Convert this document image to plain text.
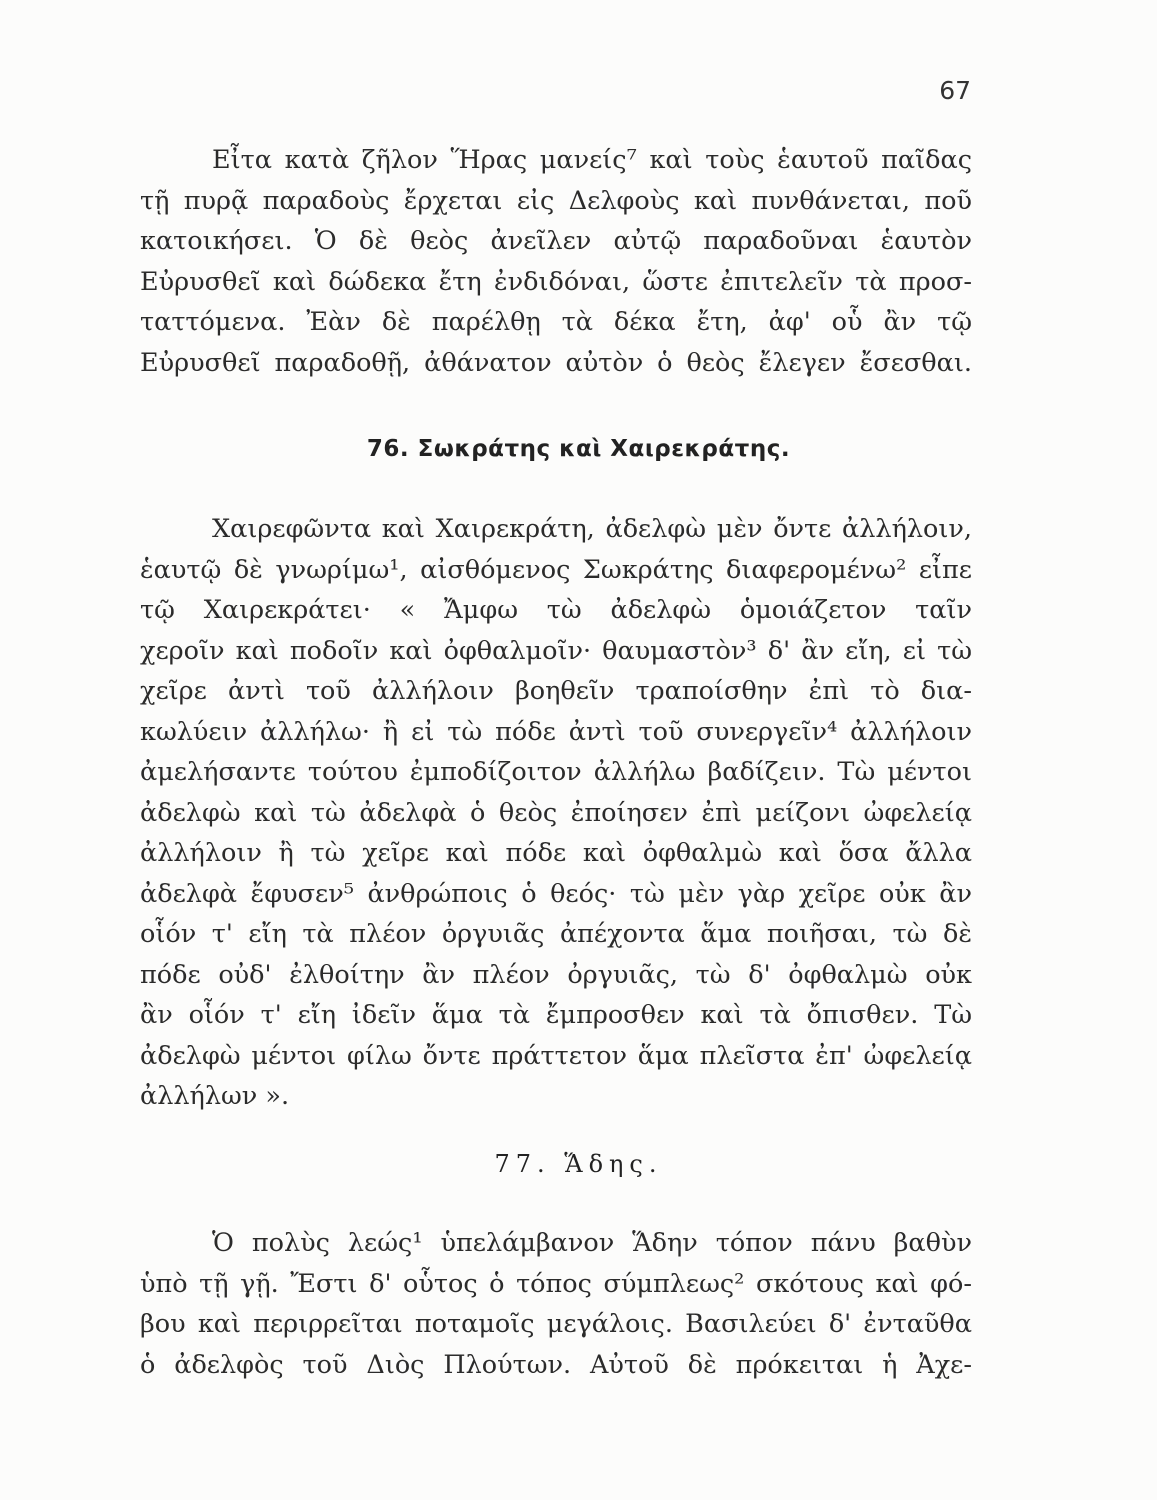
67
Εἶτα κατὰ ζῆλον Ἥρας μανείς⁷ καὶ τοὺς ἑαυτοῦ παῖδας
τῇ πυρᾷ παραδοὺς ἔρχεται εἰς Δελφοὺς καὶ πυνθάνεται, ποῦ
κατοικήσει. Ὁ δὲ θεὸς ἀνεῖλεν αὐτῷ παραδοῦναι ἑαυτὸν
Εὐρυσθεῖ καὶ δώδεκα ἔτη ἐνδιδόναι, ὥστε ἐπιτελεῖν τὰ προσ-
ταττόμενα. Ἐὰν δὲ παρέλθῃ τὰ δέκα ἔτη, ἀφ' οὗ ἂν τῷ
Εὐρυσθεῖ παραδοθῇ, ἀθάνατον αὐτὸν ὁ θεὸς ἔλεγεν ἔσεσθαι.
76. Σωκράτης καὶ Χαιρεκράτης.
Χαιρεφῶντα καὶ Χαιρεκράτη, ἀδελφὼ μὲν ὄντε ἀλλήλοιν,
ἑαυτῷ δὲ γνωρίμω¹, αἰσθόμενος Σωκράτης διαφερομένω² εἶπε
τῷ Χαιρεκράτει· « Ἄμφω τὼ ἀδελφὼ ὁμοιάζετον ταῖν
χεροῖν καὶ ποδοῖν καὶ ὀφθαλμοῖν· θαυμαστὸν³ δ' ἂν εἴη, εἰ τὼ
χεῖρε ἀντὶ τοῦ ἀλλήλοιν βοηθεῖν τραποίσθην ἐπὶ τὸ δια-
κωλύειν ἀλλήλω· ἢ εἰ τὼ πόδε ἀντὶ τοῦ συνεργεῖν⁴ ἀλλήλοιν
ἀμελήσαντε τούτου ἐμποδίζοιτον ἀλλήλω βαδίζειν. Τὼ μέντοι
ἀδελφὼ καὶ τὼ ἀδελφὰ ὁ θεὸς ἐποίησεν ἐπὶ μείζονι ὠφελείᾳ
ἀλλήλοιν ἢ τὼ χεῖρε καὶ πόδε καὶ ὀφθαλμὼ καὶ ὅσα ἄλλα
ἀδελφὰ ἔφυσεν⁵ ἀνθρώποις ὁ θεός· τὼ μὲν γὰρ χεῖρε οὐκ ἂν
οἷόν τ' εἴη τὰ πλέον ὀργυιᾶς ἀπέχοντα ἅμα ποιῆσαι, τὼ δὲ
πόδε οὐδ' ἐλθοίτην ἂν πλέον ὀργυιᾶς, τὼ δ' ὀφθαλμὼ οὐκ
ἂν οἷόν τ' εἴη ἰδεῖν ἅμα τὰ ἔμπροσθεν καὶ τὰ ὄπισθεν. Τὼ
ἀδελφὼ μέντοι φίλω ὄντε πράττετον ἅμα πλεῖστα ἐπ' ὠφελείᾳ
ἀλλήλων ».
77. Ἅδης.
Ὁ πολὺς λεώς¹ ὑπελάμβανον Ἅδην τόπον πάνυ βαθὺν
ὑπὸ τῇ γῇ. Ἔστι δ' οὗτος ὁ τόπος σύμπλεως² σκότους καὶ φό-
βου καὶ περιρρεῖται ποταμοῖς μεγάλοις. Βασιλεύει δ' ἐνταῦθα
ὁ ἀδελφὸς τοῦ Διὸς Πλούτων. Αὐτοῦ δὲ πρόκειται ἡ Ἀχε-
